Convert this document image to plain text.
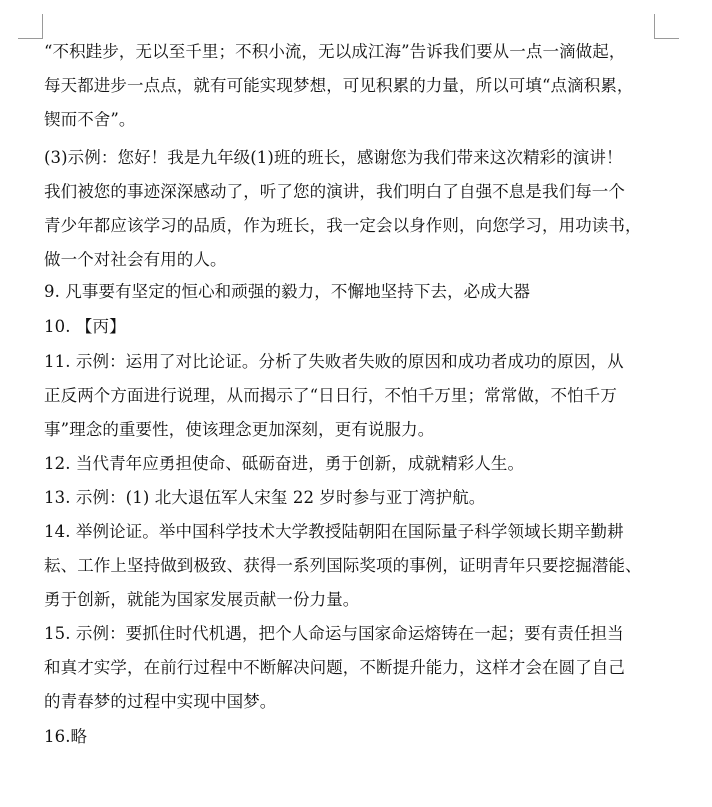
“不积跬步，无以至千里；不积小流，无以成江海”告诉我们要从一点一滴做起，
每天都进步一点点，就有可能实现梦想，可见积累的力量，所以可填“点滴积累，
锲而不舍”。
(3)示例：您好！我是九年级(1)班的班长，感谢您为我们带来这次精彩的演讲！
我们被您的事迹深深感动了，听了您的演讲，我们明白了自强不息是我们每一个
青少年都应该学习的品质，作为班长，我一定会以身作则，向您学习，用功读书，
做一个对社会有用的人。
9. 凡事要有坚定的恒心和顽强的毅力，不懈地坚持下去，必成大器
10. 【丙】
11. 示例：运用了对比论证。分析了失败者失败的原因和成功者成功的原因，从
正反两个方面进行说理，从而揭示了“日日行，不怕千万里；常常做，不怕千万
事”理念的重要性，使该理念更加深刻，更有说服力。
12. 当代青年应勇担使命、砥砺奋进，勇于创新，成就精彩人生。
13. 示例：(1) 北大退伍军人宋玺 22 岁时参与亚丁湾护航。
14. 举例论证。举中国科学技术大学教授陆朝阳在国际量子科学领域长期辛勤耕
耘、工作上坚持做到极致、获得一系列国际奖项的事例，证明青年只要挖掘潜能、
勇于创新，就能为国家发展贡献一份力量。
15. 示例：要抓住时代机遇，把个人命运与国家命运熔铸在一起；要有责任担当
和真才实学，在前行过程中不断解决问题，不断提升能力，这样才会在圆了自己
的青春梦的过程中实现中国梦。
16.略
